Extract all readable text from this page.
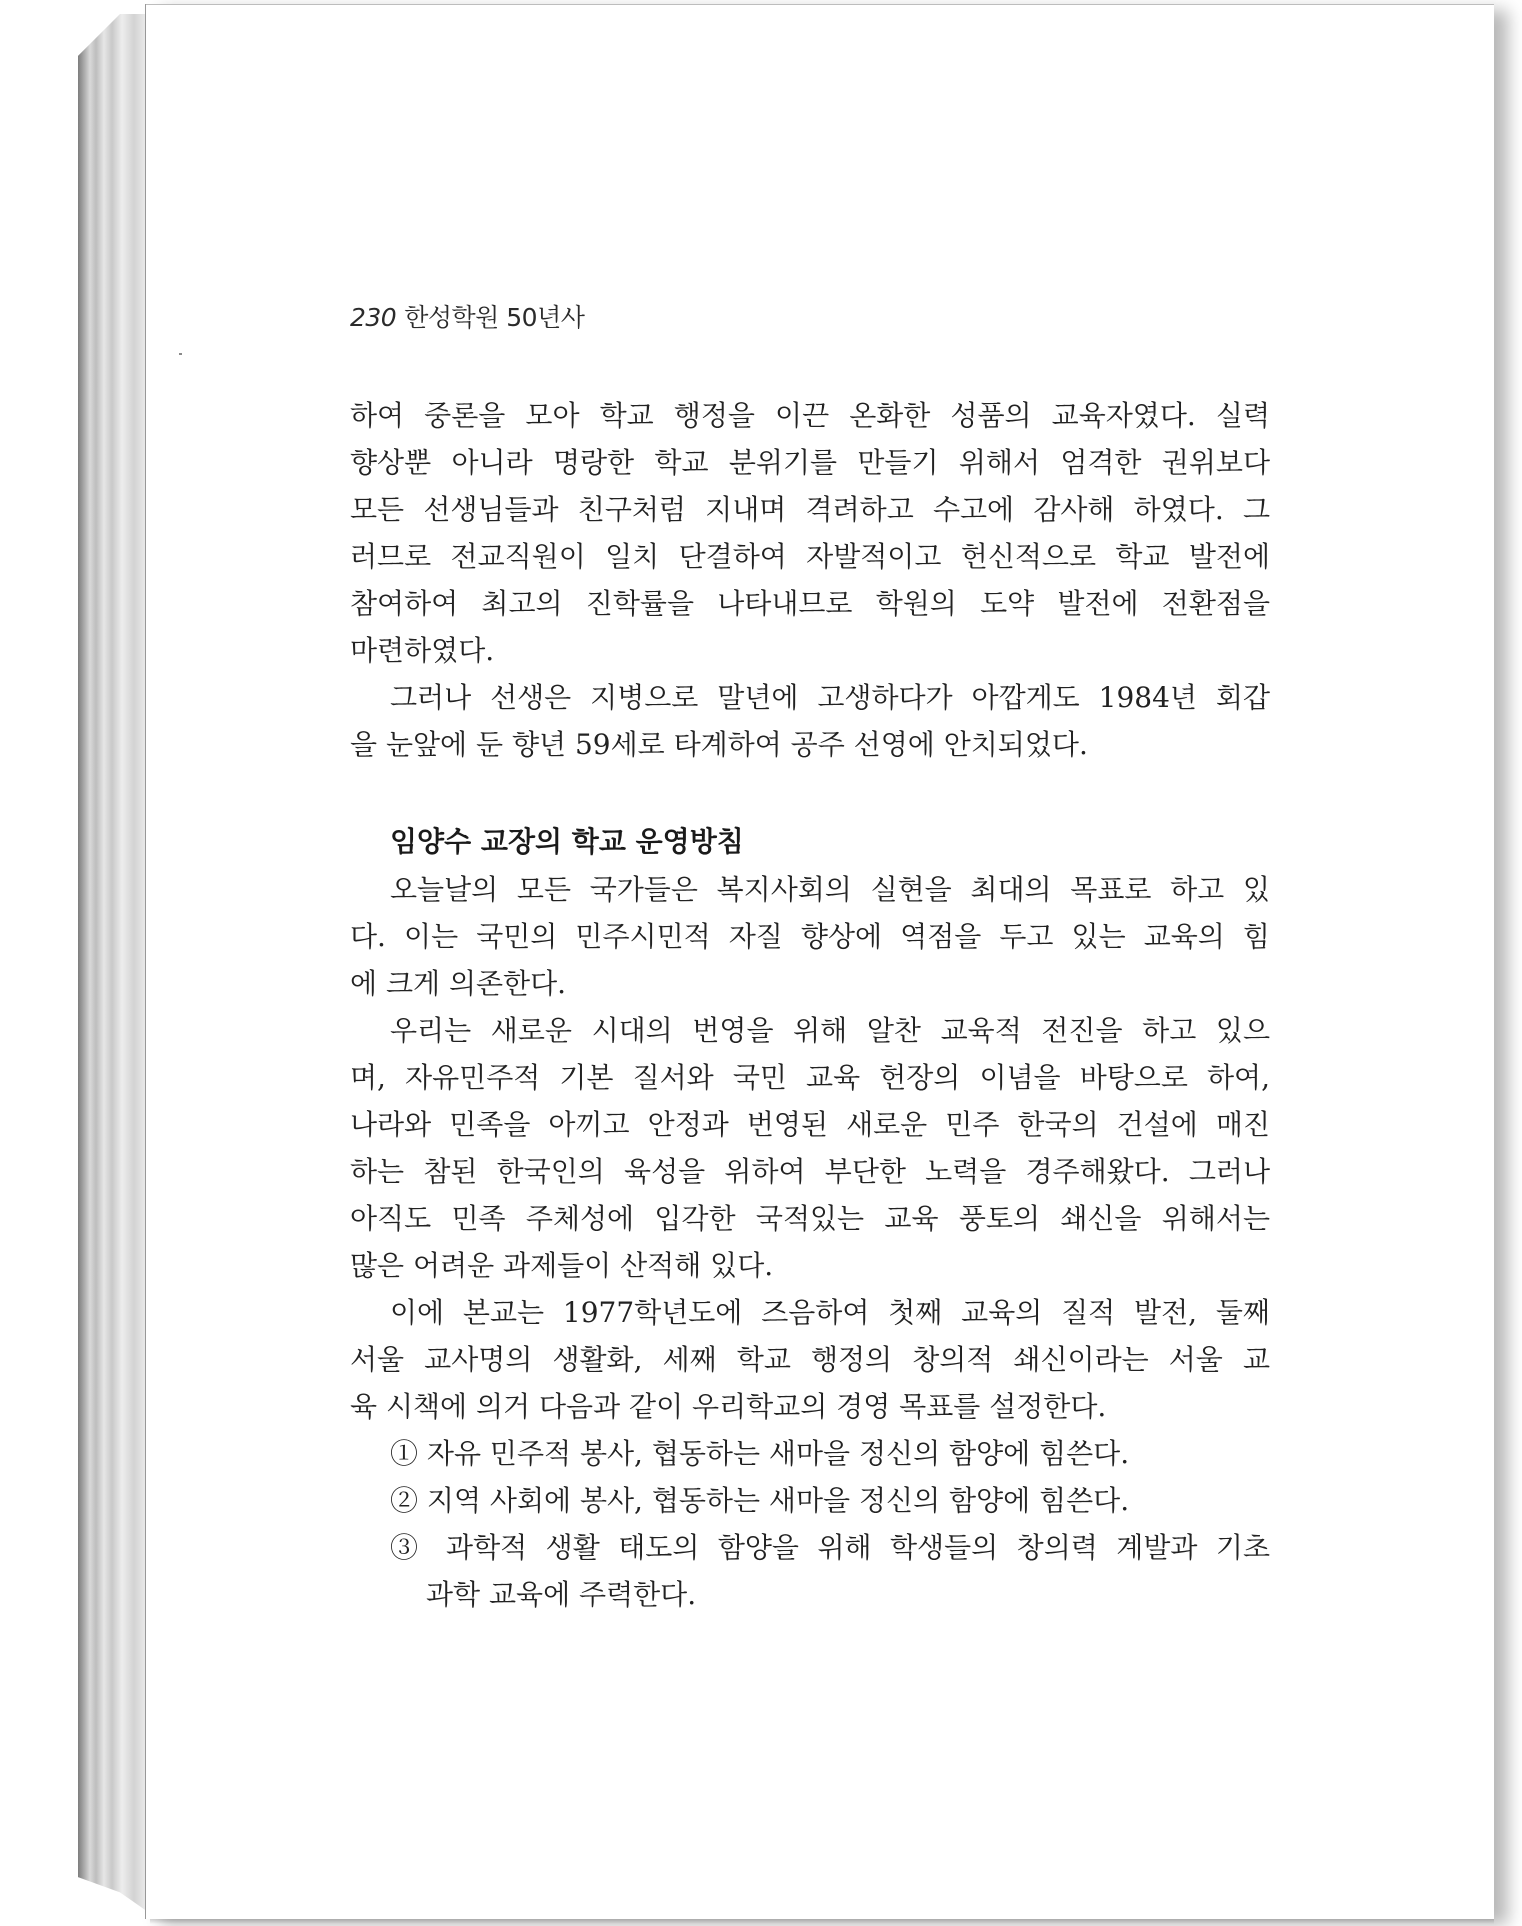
230 한성학원 50년사
하여 중론을 모아 학교 행정을 이끈 온화한 성품의 교육자였다. 실력
향상뿐 아니라 명랑한 학교 분위기를 만들기 위해서 엄격한 권위보다
모든 선생님들과 친구처럼 지내며 격려하고 수고에 감사해 하였다. 그
러므로 전교직원이 일치 단결하여 자발적이고 헌신적으로 학교 발전에
참여하여 최고의 진학률을 나타내므로 학원의 도약 발전에 전환점을
마련하였다.
그러나 선생은 지병으로 말년에 고생하다가 아깝게도 1984년 회갑
을 눈앞에 둔 향년 59세로 타계하여 공주 선영에 안치되었다.
임양수 교장의 학교 운영방침
오늘날의 모든 국가들은 복지사회의 실현을 최대의 목표로 하고 있
다. 이는 국민의 민주시민적 자질 향상에 역점을 두고 있는 교육의 힘
에 크게 의존한다.
우리는 새로운 시대의 번영을 위해 알찬 교육적 전진을 하고 있으
며, 자유민주적 기본 질서와 국민 교육 헌장의 이념을 바탕으로 하여,
나라와 민족을 아끼고 안정과 번영된 새로운 민주 한국의 건설에 매진
하는 참된 한국인의 육성을 위하여 부단한 노력을 경주해왔다. 그러나
아직도 민족 주체성에 입각한 국적있는 교육 풍토의 쇄신을 위해서는
많은 어려운 과제들이 산적해 있다.
이에 본교는 1977학년도에 즈음하여 첫째 교육의 질적 발전, 둘째
서울 교사명의 생활화, 세째 학교 행정의 창의적 쇄신이라는 서울 교
육 시책에 의거 다음과 같이 우리학교의 경영 목표를 설정한다.
① 자유 민주적 봉사, 협동하는 새마을 정신의 함양에 힘쓴다.
② 지역 사회에 봉사, 협동하는 새마을 정신의 함양에 힘쓴다.
③ 과학적 생활 태도의 함양을 위해 학생들의 창의력 계발과 기초
과학 교육에 주력한다.
